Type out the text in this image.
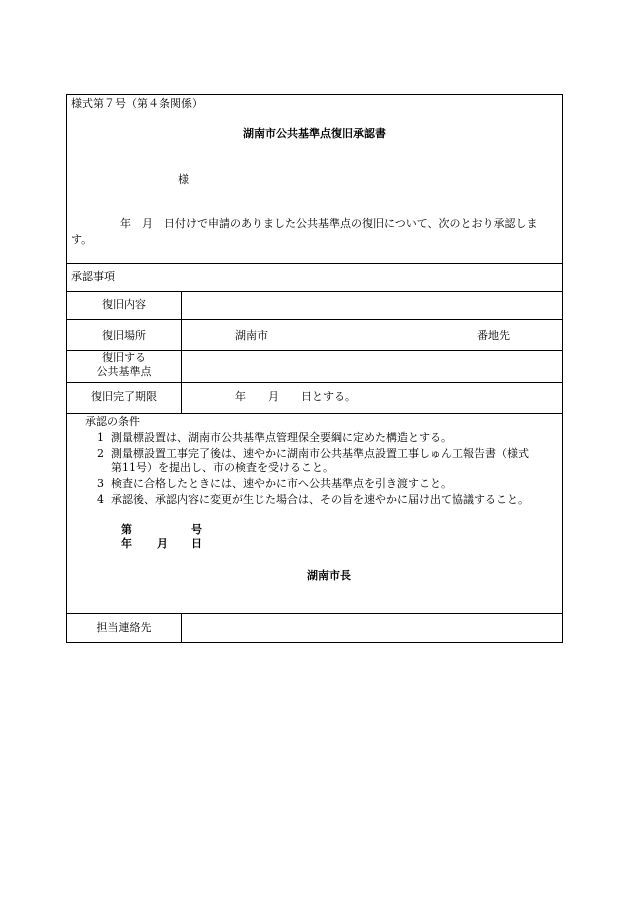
様式第７号（第４条関係）
湖南市公共基準点復旧承認書
様
年　月　日付けで申請のありました公共基準点の復旧について、次のとおり承認しま
す。
承認事項
復旧内容
復旧場所	湖南市	番地先
復旧する
公共基準点
復旧完了期限	年　　月　　日とする。
承認の条件
1 測量標設置は、湖南市公共基準点管理保全要綱に定めた構造とする。
2 測量標設置工事完了後は、速やかに湖南市公共基準点設置工事しゅん工報告書（様式
第11号）を提出し、市の検査を受けること。
3 検査に合格したときには、速やかに市へ公共基準点を引き渡すこと。
4 承認後、承認内容に変更が生じた場合は、その旨を速やかに届け出て協議すること。
第	号
年 月 日
湖南市長
担当連絡先
